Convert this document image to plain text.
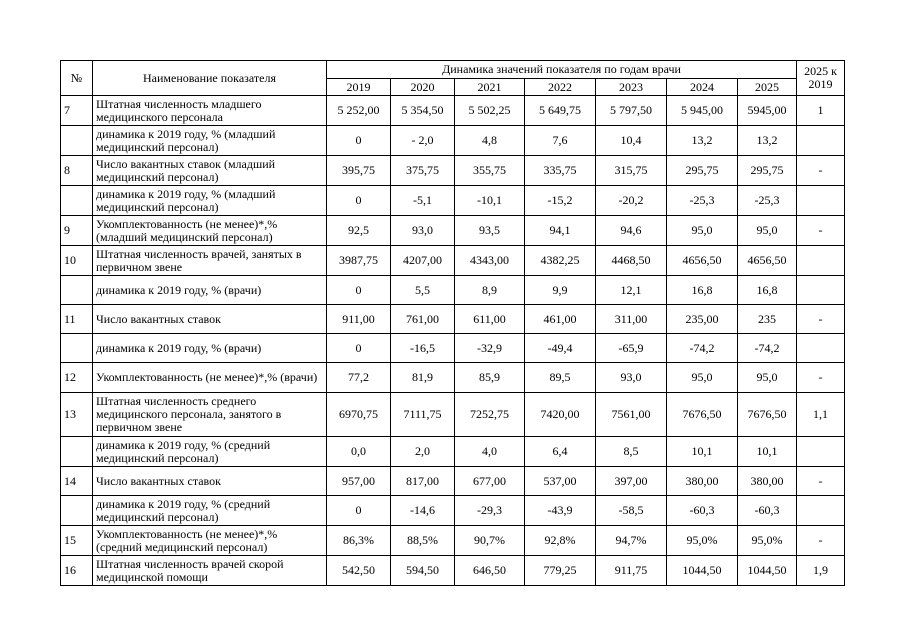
№	Наименование показателя	Динамика значений показателя по годам врачи							2025 к 2019
		2019	2020	2021	2022	2023	2024	2025	
7	Штатная численность младшего медицинского персонала	5 252,00	5 354,50	5 502,25	5 649,75	5 797,50	5 945,00	5945,00	1
	динамика к 2019 году, % (младший медицинский персонал)	0	- 2,0	4,8	7,6	10,4	13,2	13,2	
8	Число вакантных ставок (младший медицинский персонал)	395,75	375,75	355,75	335,75	315,75	295,75	295,75	-
	динамика к 2019 году, % (младший медицинский персонал)	0	-5,1	-10,1	-15,2	-20,2	-25,3	-25,3	
9	Укомплектованность (не менее)*,% (младший медицинский персонал)	92,5	93,0	93,5	94,1	94,6	95,0	95,0	-
10	Штатная численность врачей, занятых в первичном звене	3987,75	4207,00	4343,00	4382,25	4468,50	4656,50	4656,50	
	динамика к 2019 году, % (врачи)	0	5,5	8,9	9,9	12,1	16,8	16,8	
11	Число вакантных ставок	911,00	761,00	611,00	461,00	311,00	235,00	235	-
	динамика к 2019 году, % (врачи)	0	-16,5	-32,9	-49,4	-65,9	-74,2	-74,2	
12	Укомплектованность (не менее)*,% (врачи)	77,2	81,9	85,9	89,5	93,0	95,0	95,0	-
13	Штатная численность среднего медицинского персонала, занятого в первичном звене	6970,75	7111,75	7252,75	7420,00	7561,00	7676,50	7676,50	1,1
	динамика к 2019 году, % (средний медицинский персонал)	0,0	2,0	4,0	6,4	8,5	10,1	10,1	
14	Число вакантных ставок	957,00	817,00	677,00	537,00	397,00	380,00	380,00	-
	динамика к 2019 году, % (средний медицинский персонал)	0	-14,6	-29,3	-43,9	-58,5	-60,3	-60,3	
15	Укомплектованность (не менее)*,% (средний медицинский персонал)	86,3%	88,5%	90,7%	92,8%	94,7%	95,0%	95,0%	-
16	Штатная численность врачей скорой медицинской помощи	542,50	594,50	646,50	779,25	911,75	1044,50	1044,50	1,9
